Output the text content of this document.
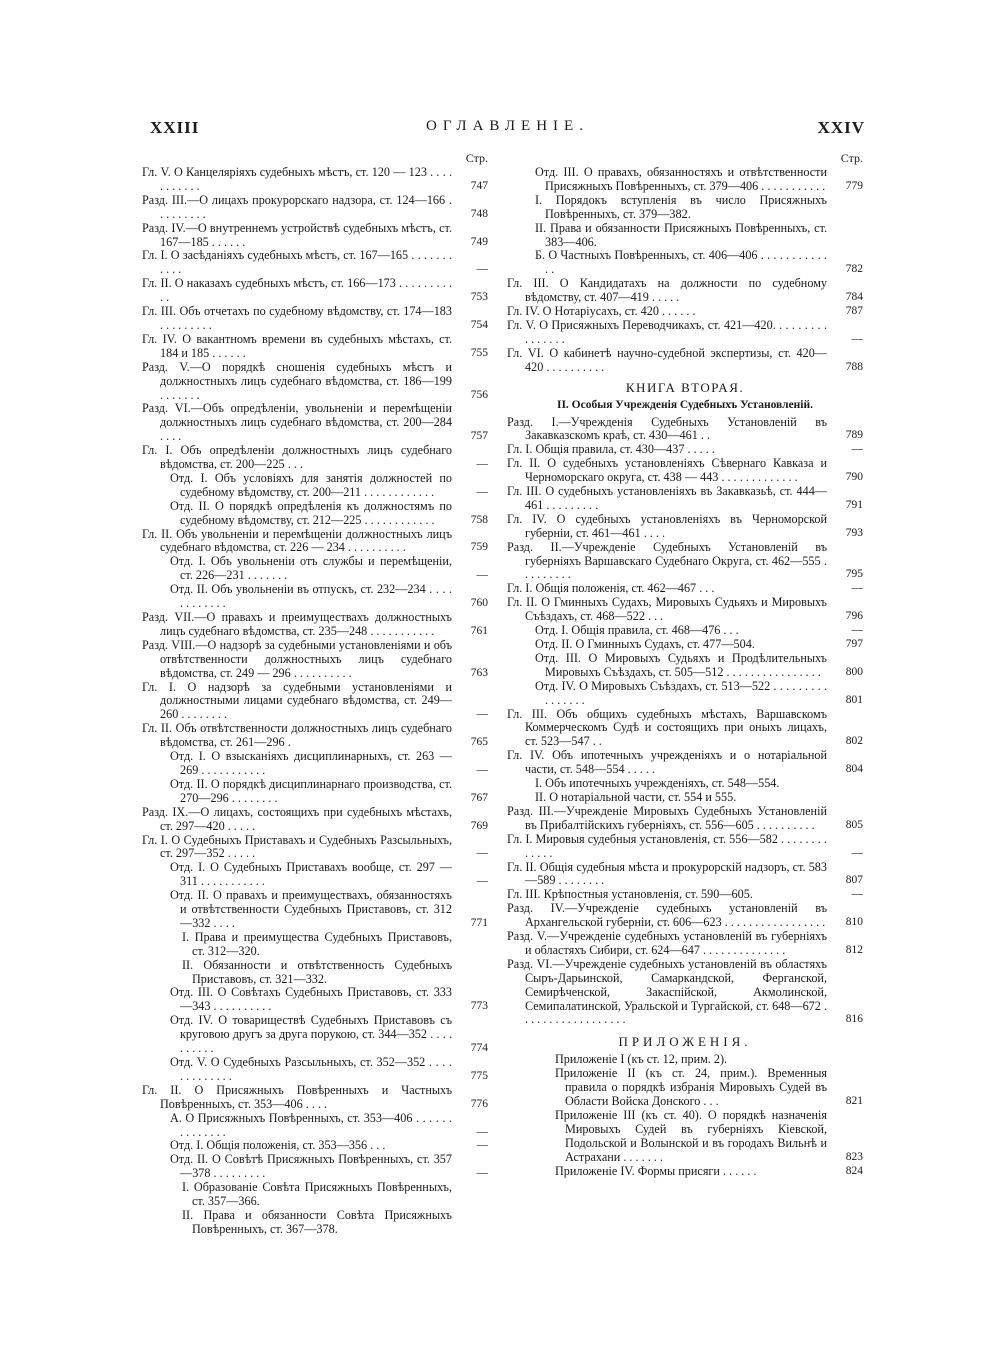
XXIII	ОГЛАВЛЕНІЕ.	XXIV
Стр.
Гл. V. О Канцеляріяхъ судебныхъ мѣстъ, ст. 120 — 123 . . . . . . . . . . .	747
Разд. III.—О лицахъ прокурорскаго надзора, ст. 124—166 . . . . . . . . .	748
Разд. IV.—О внутреннемъ устройствѣ судебныхъ мѣстъ, ст. 167—185 . . . . . .	749
Гл. I. О засѣданіяхъ судебныхъ мѣстъ, ст. 167—165 . . . . . . . . . . .	—
Гл. II. О наказахъ судебныхъ мѣстъ, ст. 166—173 . . . . . . . . . . .	753
Гл. III. Объ отчетахъ по судебному вѣдомству, ст. 174—183 . . . . . . . . .	754
Гл. IV. О вакантномъ времени въ судебныхъ мѣстахъ, ст. 184 и 185 . . . . . .	755
Разд. V.—О порядкѣ сношенія судебныхъ мѣстъ и должностныхъ лицъ судебнаго вѣдомства, ст. 186—199 . . . . . . .	756
Разд. VI.—Объ опредѣленіи, увольненіи и перемѣщеніи должностныхъ лицъ судебнаго вѣдомства, ст. 200—284 . . . .	757
Гл. I. Объ опредѣленіи должностныхъ лицъ судебнаго вѣдомства, ст. 200—225 . . .	—
Отд. I. Объ условіяхъ для занятія должностей по судебному вѣдомству, ст. 200—211 . . . . . . . . . . . .	—
Отд. II. О порядкѣ опредѣленія къ должностямъ по судебному вѣдомству, ст. 212—225 . . . . . . . . . . . .	758
Гл. II. Объ увольненіи и перемѣщеніи должностныхъ лицъ судебнаго вѣдомства, ст. 226 — 234 . . . . . . . . . .	759
Отд. I. Объ увольненіи отъ службы и перемѣщеніи, ст. 226—231 . . . . . . .	—
Отд. II. Объ увольненіи въ отпускъ, ст. 232—234 . . . . . . . . . . . .	760
Разд. VII.—О правахъ и преимуществахъ должностныхъ лицъ судебнаго вѣдомства, ст. 235—248 . . . . . . . . . . .	761
Разд. VIII.—О надзорѣ за судебными установленіями и объ отвѣтственности должностныхъ лицъ судебнаго вѣдомства, ст. 249 — 296 . . . . . . . . . .	763
Гл. I. О надзорѣ за судебными установленіями и должностными лицами судебнаго вѣдомства, ст. 249—260 . . . . . . . .	—
Гл. II. Объ отвѣтственности должностныхъ лицъ судебнаго вѣдомства, ст. 261—296 .	765
Отд. I. О взысканіяхъ дисциплинарныхъ, ст. 263 — 269 . . . . . . . . . . .	—
Отд. II. О порядкѣ дисциплинарнаго производства, ст. 270—296 . . . . . . . .	767
Разд. IX.—О лицахъ, состоящихъ при судебныхъ мѣстахъ, ст. 297—420 . . . . .	769
Гл. I. О Судебныхъ Приставахъ и Судебныхъ Разсыльныхъ, ст. 297—352 . . . . .	—
Отд. I. О Судебныхъ Приставахъ вообще, ст. 297 — 311 . . . . . . . . . . .	—
Отд. II. О правахъ и преимуществахъ, обязанностяхъ и отвѣтственности Судебныхъ Приставовъ, ст. 312—332 . . . .	771
I. Права и преимущества Судебныхъ Приставовъ, ст. 312—320.
II. Обязанности и отвѣтственность Судебныхъ Приставовъ, ст. 321—332.
Отд. III. О Совѣтахъ Судебныхъ Приставовъ, ст. 333—343 . . . . . . . . . .	773
Отд. IV. О товариществѣ Судебныхъ Приставовъ съ круговою другъ за друга порукою, ст. 344—352 . . . . . . . . . .	774
Отд. V. О Судебныхъ Разсыльныхъ, ст. 352—352 . . . . . . . . . . . . .	775
Гл. II. О Присяжныхъ Повѣренныхъ и Частныхъ Повѣренныхъ, ст. 353—406 . . . .	776
А. О Присяжныхъ Повѣренныхъ, ст. 353—406 . . . . . . . . . . . . . .	—
Отд. I. Общія положенія, ст. 353—356 . . .	—
Отд. II. О Совѣтѣ Присяжныхъ Повѣренныхъ, ст. 357—378 . . . . . . . . .	—
I. Образованіе Совѣта Присяжныхъ Повѣренныхъ, ст. 357—366.
II. Права и обязанности Совѣта Присяжныхъ Повѣренныхъ, ст. 367—378.
Стр.
Отд. III. О правахъ, обязанностяхъ и отвѣтственности Присяжныхъ Повѣренныхъ, ст. 379—406 . . . . . . . . . . .	779
I. Порядокъ вступленія въ число Присяжныхъ Повѣренныхъ, ст. 379—382.
II. Права и обязанности Присяжныхъ Повѣренныхъ, ст. 383—406.
Б. О Частныхъ Повѣренныхъ, ст. 406—406 . . . . . . . . . . . . .	782
Гл. III. О Кандидатахъ на должности по судебному вѣдомству, ст. 407—419 . . . . .	784
Гл. IV. О Нотаріусахъ, ст. 420 . . . . . .	787
Гл. V. О Присяжныхъ Переводчикахъ, ст. 421—420. . . . . . . . . . . . . . . .	—
Гл. VI. О кабинетѣ научно-судебной экспертизы, ст. 420—420 . . . . . . . . . .	788
КНИГА ВТОРАЯ.
II. Особыя Учрежденія Судебныхъ Установленій.
Разд. I.—Учрежденія Судебныхъ Установленій въ Закавказскомъ краѣ, ст. 430—461 . .	789
Гл. I. Общія правила, ст. 430—437 . . . . .	—
Гл. II. О судебныхъ установленіяхъ Сѣвернаго Кавказа и Черноморскаго округа, ст. 438 — 443 . . . . . . . . . . . . .	790
Гл. III. О судебныхъ установленіяхъ въ Закавказьѣ, ст. 444—461 . . . . . . . . .	791
Гл. IV. О судебныхъ установленіяхъ въ Черноморской губерніи, ст. 461—461 . . . .	793
Разд. II.—Учрежденіе Судебныхъ Установленій въ губерніяхъ Варшавскаго Судебнаго Округа, ст. 462—555 . . . . . . . . .	795
Гл. I. Общія положенія, ст. 462—467 . . .	—
Гл. II. О Гминныхъ Судахъ, Мировыхъ Судьяхъ и Мировыхъ Съѣздахъ, ст. 468—522 . . .	796
Отд. I. Общія правила, ст. 468—476 . . .	—
Отд. II. О Гминныхъ Судахъ, ст. 477—504.	797
Отд. III. О Мировыхъ Судьяхъ и Продѣлительныхъ Мировыхъ Съѣздахъ, ст. 505—512 . . . . . . . . . . . . . . . .	800
Отд. IV. О Мировыхъ Съѣздахъ, ст. 513—522 . . . . . . . . . . . . . . . .	801
Гл. III. Объ общихъ судебныхъ мѣстахъ, Варшавскомъ Коммерческомъ Судѣ и состоящихъ при оныхъ лицахъ, ст. 523—547 . .	802
Гл. IV. Объ ипотечныхъ учрежденіяхъ и о нотаріальной части, ст. 548—554 . . . . .	804
I. Объ ипотечныхъ учрежденіяхъ, ст. 548—554.
II. О нотаріальной части, ст. 554 и 555.
Разд. III.—Учрежденіе Мировыхъ Судебныхъ Установленій въ Прибалтійскихъ губерніяхъ, ст. 556—605 . . . . . . . . . .	805
Гл. I. Мировыя судебныя установленія, ст. 556—582 . . . . . . . . . . . . .	—
Гл. II. Общія судебныя мѣста и прокурорскій надзоръ, ст. 583—589 . . . . . . . .	807
Гл. III. Крѣпостныя установленія, ст. 590—605.	—
Разд. IV.—Учрежденіе судебныхъ установленій въ Архангельской губерніи, ст. 606—623 . . . . . . . . . . . . . . . . .	810
Разд. V.—Учрежденіе судебныхъ установленій въ губерніяхъ и областяхъ Сибири, ст. 624—647 . . . . . . . . . . . . . .	812
Разд. VI.—Учрежденіе судебныхъ установленій въ областяхъ Сыръ-Дарьинской, Самаркандской, Ферганской, Семирѣченской, Закаспійской, Акмолинской, Семипалатинской, Уральской и Тургайской, ст. 648—672 . . . . . . . . . . . . . . . . . .	816
ПРИЛОЖЕНІЯ.
Приложеніе I (къ ст. 12, прим. 2).
Приложеніе II (къ ст. 24, прим.). Временныя правила о порядкѣ избранія Мировыхъ Судей въ Области Войска Донского . . .	821
Приложеніе III (къ ст. 40). О порядкѣ назначенія Мировыхъ Судей въ губерніяхъ Кіевской, Подольской и Волынской и въ городахъ Вильнѣ и Астрахани . . . . . . .	823
Приложеніе IV. Формы присяги . . . . . .	824
